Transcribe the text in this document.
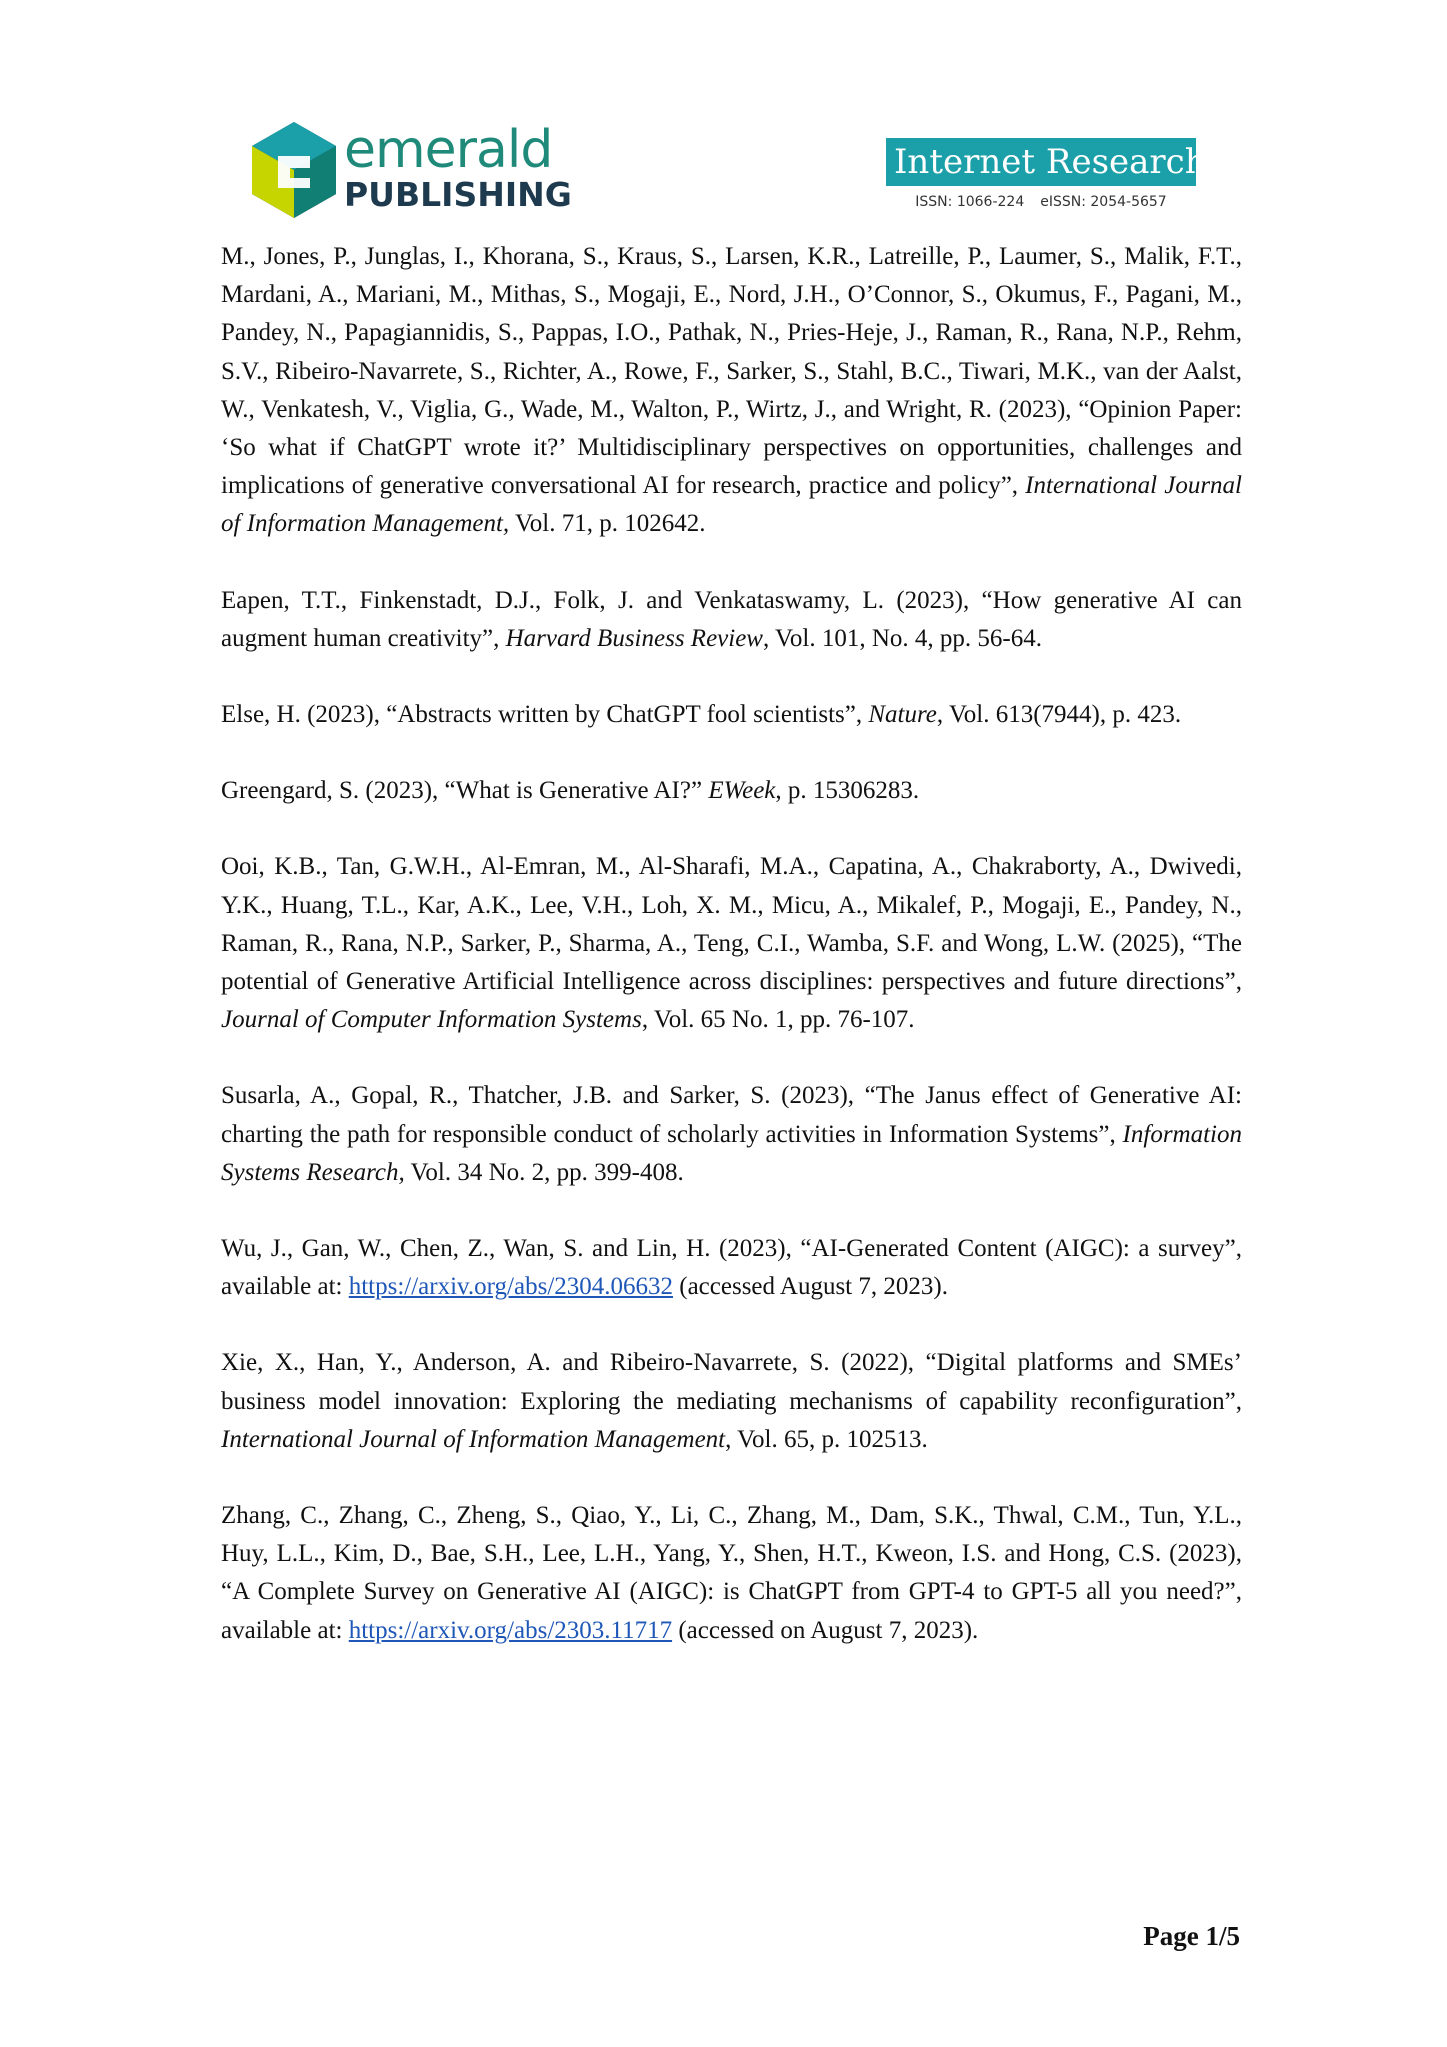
emerald
PUBLISHING
Internet Research
ISSN: 1066-224 eISSN: 2054-5657

M., Jones, P., Junglas, I., Khorana, S., Kraus, S., Larsen, K.R., Latreille, P., Laumer, S., Malik, F.T., Mardani, A., Mariani, M., Mithas, S., Mogaji, E., Nord, J.H., O’Connor, S., Okumus, F., Pagani, M., Pandey, N., Papagiannidis, S., Pappas, I.O., Pathak, N., Pries-Heje, J., Raman, R., Rana, N.P., Rehm, S.V., Ribeiro-Navarrete, S., Richter, A., Rowe, F., Sarker, S., Stahl, B.C., Tiwari, M.K., van der Aalst, W., Venkatesh, V., Viglia, G., Wade, M., Walton, P., Wirtz, J., and Wright, R. (2023), “Opinion Paper: ‘So what if ChatGPT wrote it?’ Multidisciplinary perspectives on opportunities, challenges and implications of generative conversational AI for research, practice and policy”, International Journal of Information Management, Vol. 71, p. 102642.

Eapen, T.T., Finkenstadt, D.J., Folk, J. and Venkataswamy, L. (2023), “How generative AI can augment human creativity”, Harvard Business Review, Vol. 101, No. 4, pp. 56-64.

Else, H. (2023), “Abstracts written by ChatGPT fool scientists”, Nature, Vol. 613(7944), p. 423.

Greengard, S. (2023), “What is Generative AI?” EWeek, p. 15306283.

Ooi, K.B., Tan, G.W.H., Al-Emran, M., Al-Sharafi, M.A., Capatina, A., Chakraborty, A., Dwivedi, Y.K., Huang, T.L., Kar, A.K., Lee, V.H., Loh, X. M., Micu, A., Mikalef, P., Mogaji, E., Pandey, N., Raman, R., Rana, N.P., Sarker, P., Sharma, A., Teng, C.I., Wamba, S.F. and Wong, L.W. (2025), “The potential of Generative Artificial Intelligence across disciplines: perspectives and future directions”, Journal of Computer Information Systems, Vol. 65 No. 1, pp. 76-107.

Susarla, A., Gopal, R., Thatcher, J.B. and Sarker, S. (2023), “The Janus effect of Generative AI: charting the path for responsible conduct of scholarly activities in Information Systems”, Information Systems Research, Vol. 34 No. 2, pp. 399-408.

Wu, J., Gan, W., Chen, Z., Wan, S. and Lin, H. (2023), “AI-Generated Content (AIGC): a survey”, available at: https://arxiv.org/abs/2304.06632 (accessed August 7, 2023).

Xie, X., Han, Y., Anderson, A. and Ribeiro-Navarrete, S. (2022), “Digital platforms and SMEs’ business model innovation: Exploring the mediating mechanisms of capability reconfiguration”, International Journal of Information Management, Vol. 65, p. 102513.

Zhang, C., Zhang, C., Zheng, S., Qiao, Y., Li, C., Zhang, M., Dam, S.K., Thwal, C.M., Tun, Y.L., Huy, L.L., Kim, D., Bae, S.H., Lee, L.H., Yang, Y., Shen, H.T., Kweon, I.S. and Hong, C.S. (2023), “A Complete Survey on Generative AI (AIGC): is ChatGPT from GPT-4 to GPT-5 all you need?”, available at: https://arxiv.org/abs/2303.11717 (accessed on August 7, 2023).

Page 1/5
